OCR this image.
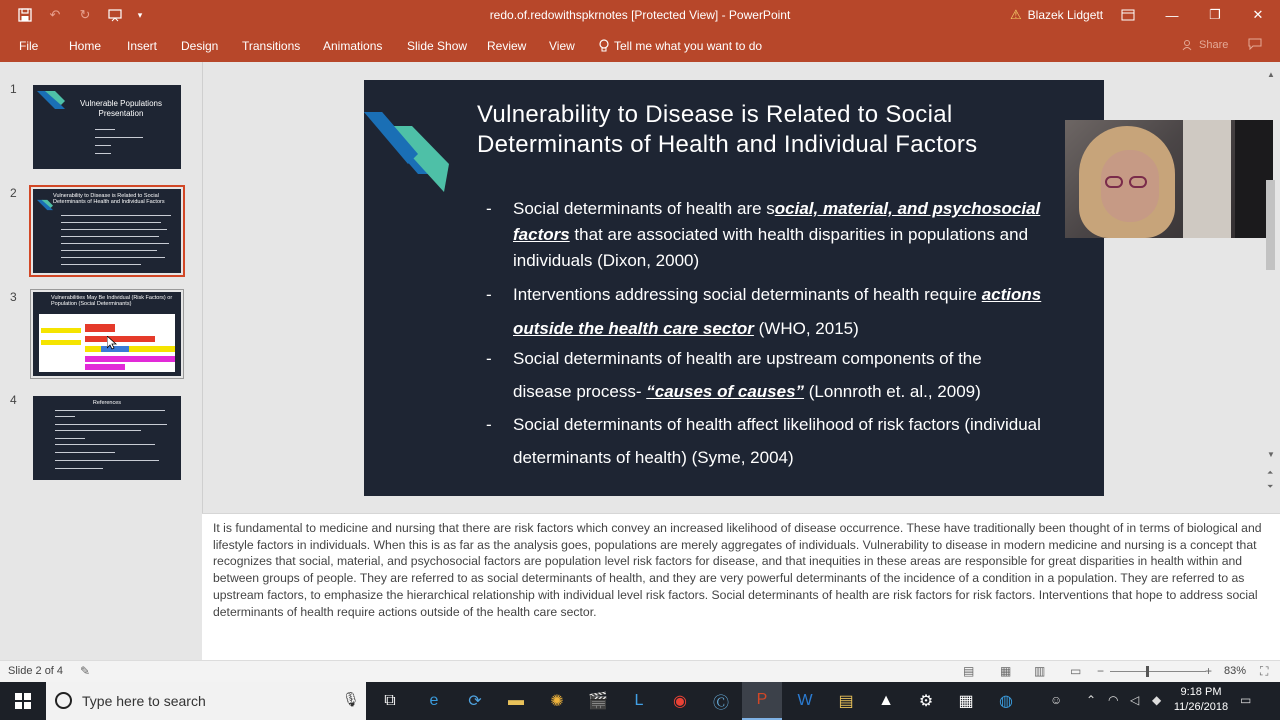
↶	↻	▾	redo.of.redowithspkrnotes [Protected View] - PowerPoint	⚠ Blazek Lidgett	—	❐	✕
File	Home Insert Design Transitions Animations Slide Show Review View	Tell me what you want to do	Share
1
Vulnerable Populations Presentation
2	Vulnerability to Disease is Related to Social Determinants of Health and Individual Factors
3	Vulnerabilities May Be Individual (Risk Factors) or Population (Social Determinants)
4	References
Vulnerability to Disease is Related to Social Determinants of Health and Individual Factors
- Social determinants of health are social, material, and psychosocial factors that are associated with health disparities in populations and individuals (Dixon, 2000)
- Interventions addressing social determinants of health require actions outside the health care sector (WHO, 2015)
- Social determinants of health are upstream components of the disease process- “causes of causes” (Lonnroth et. al., 2009)
- Social determinants of health affect likelihood of risk factors (individual determinants of health) (Syme, 2004)
▲
▼
⏶
⏷
It is fundamental to medicine and nursing that there are risk factors which convey an increased likelihood of disease occurrence. These have traditionally been thought of in terms of biological and lifestyle factors in individuals. When this is as far as the analysis goes, populations are merely aggregates of individuals. Vulnerability to disease in modern medicine and nursing is a concept that recognizes that social, material, and psychosocial factors are population level risk factors for disease, and that inequities in these areas are responsible for great disparities in health within and between groups of people. They are referred to as social determinants of health, and they are very powerful determinants of the incidence of a condition in a population. They are referred to as upstream factors, to emphasize the hierarchical relationship with individual level risk factors. Social determinants of health are risk factors for risk factors. Interventions that hope to address social determinants of health require actions outside of the health care sector.
Slide 2 of 4 ✎	▤ ▦ ▥ ▭ −	+ 83% ⛶
Type here to search	🎙	⧉	e	⟳	▬	✺	🎬	L	◉	Ⓒ	P	W	▤	▲	⚙	▦	◍	☺ ⌃ ◠ ◁ ◆
9:18 PM
11/26/2018 ▭
